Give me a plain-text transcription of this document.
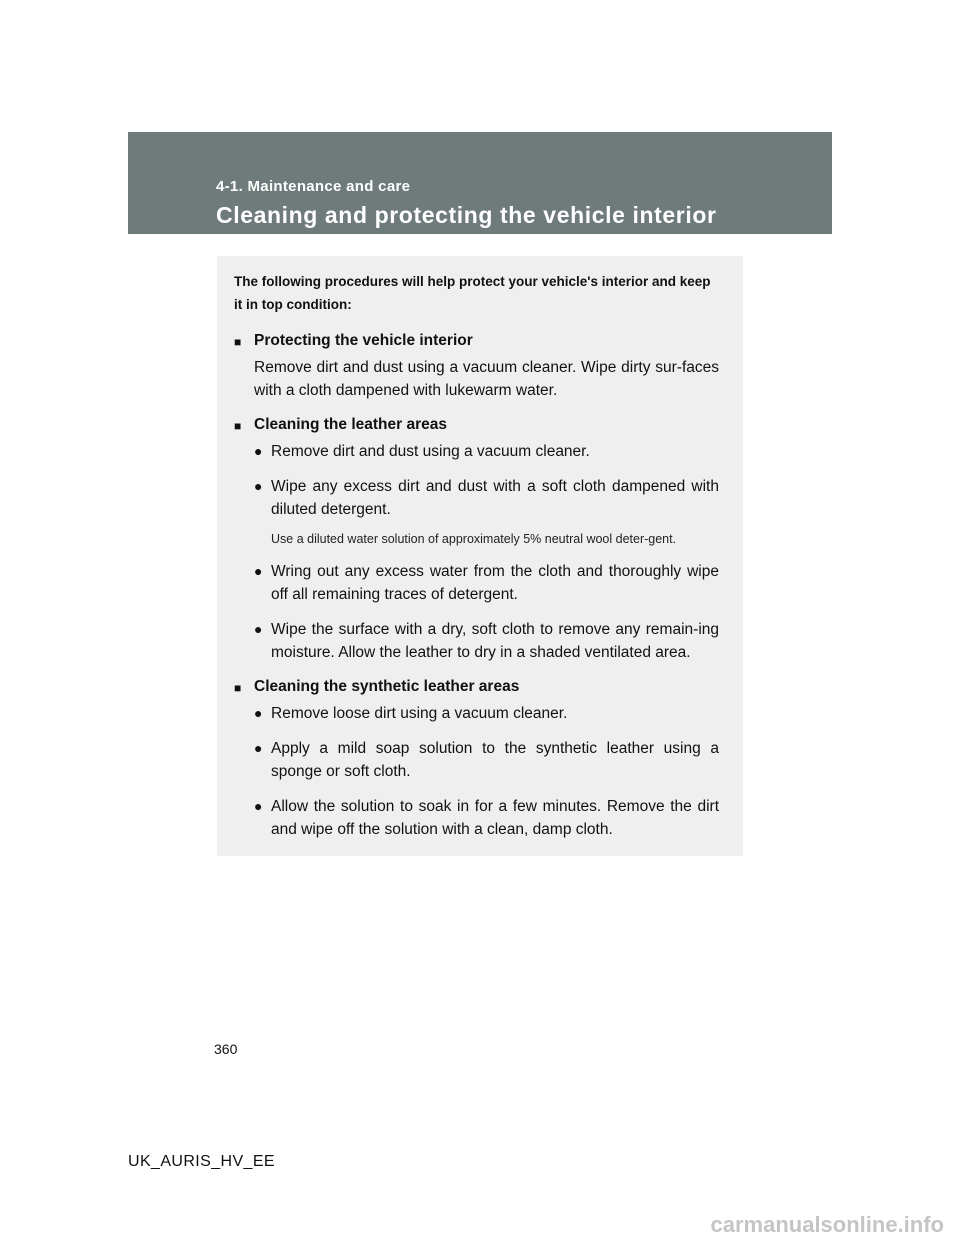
4-1. Maintenance and care
Cleaning and protecting the vehicle interior

The following procedures will help protect your vehicle's interior and keep it in top condition:

■ Protecting the vehicle interior

Remove dirt and dust using a vacuum cleaner. Wipe dirty sur-faces with a cloth dampened with lukewarm water.

■ Cleaning the leather areas
● Remove dirt and dust using a vacuum cleaner.
● Wipe any excess dirt and dust with a soft cloth dampened with diluted detergent.

Use a diluted water solution of approximately 5% neutral wool deter-gent.

● Wring out any excess water from the cloth and thoroughly wipe off all remaining traces of detergent.
● Wipe the surface with a dry, soft cloth to remove any remain-ing moisture. Allow the leather to dry in a shaded ventilated area.
■ Cleaning the synthetic leather areas
● Remove loose dirt using a vacuum cleaner.
● Apply a mild soap solution to the synthetic leather using a sponge or soft cloth.
● Allow the solution to soak in for a few minutes. Remove the dirt and wipe off the solution with a clean, damp cloth.
360
UK_AURIS_HV_EE
carmanualsonline.info
